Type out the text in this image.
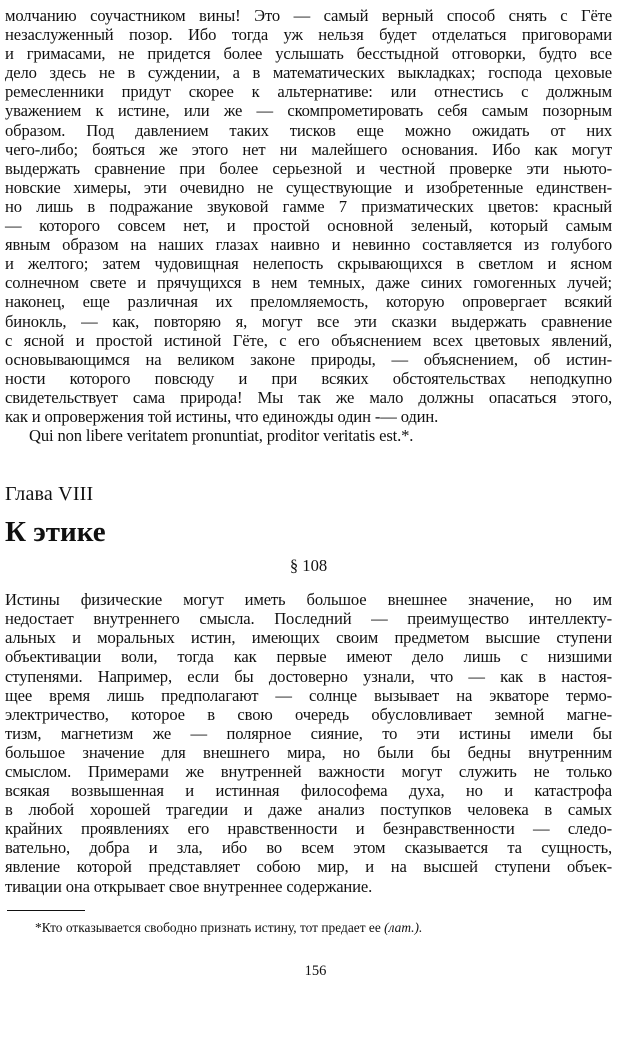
молчанию соучастником вины! Это — самый верный способ снять с Гёте
незаслуженный позор. Ибо тогда уж нельзя будет отделаться приговорами
и гримасами, не придется более услышать бесстыдной отговорки, будто все
дело здесь не в суждении, а в математических выкладках; господа цеховые
ремесленники придут скорее к альтернативе: или отнестись с должным
уважением к истине, или же — скомпрометировать себя самым позорным
образом. Под давлением таких тисков еще можно ожидать от них
чего-либо; бояться же этого нет ни малейшего основания. Ибо как могут
выдержать сравнение при более серьезной и честной проверке эти ньюто-
новские химеры, эти очевидно не существующие и изобретенные единствен-
но лишь в подражание звуковой гамме 7 призматических цветов: красный
— которого совсем нет, и простой основной зеленый, который самым
явным образом на наших глазах наивно и невинно составляется из голубого
и желтого; затем чудовищная нелепость скрывающихся в светлом и ясном
солнечном свете и прячущихся в нем темных, даже синих гомогенных лучей;
наконец, еще различная их преломляемость, которую опровергает всякий
бинокль, — как, повторяю я, могут все эти сказки выдержать сравнение
с ясной и простой истиной Гёте, с его объяснением всех цветовых явлений,
основывающимся на великом законе природы, — объяснением, об истин-
ности которого повсюду и при всяких обстоятельствах неподкупно
свидетельствует сама природа! Мы так же мало должны опасаться этого,
как и опровержения той истины, что единожды один -— один.
Qui non libere veritatem pronuntiat, proditor veritatis est.*.
Глава VIII
К этике
§ 108
Истины физические могут иметь большое внешнее значение, но им
недостает внутреннего смысла. Последний — преимущество интеллекту-
альных и моральных истин, имеющих своим предметом высшие ступени
объективации воли, тогда как первые имеют дело лишь с низшими
ступенями. Например, если бы достоверно узнали, что — как в настоя-
щее время лишь предполагают — солнце вызывает на экваторе термо-
электричество, которое в свою очередь обусловливает земной магне-
тизм, магнетизм же — полярное сияние, то эти истины имели бы
большое значение для внешнего мира, но были бы бедны внутренним
смыслом. Примерами же внутренней важности могут служить не только
всякая возвышенная и истинная философема духа, но и катастрофа
в любой хорошей трагедии и даже анализ поступков человека в самых
крайних проявлениях его нравственности и безнравственности — следо-
вательно, добра и зла, ибо во всем этом сказывается та сущность,
явление которой представляет собою мир, и на высшей ступени объек-
тивации она открывает свое внутреннее содержание.
*Кто отказывается свободно признать истину, тот предает ее (лат.).
156
